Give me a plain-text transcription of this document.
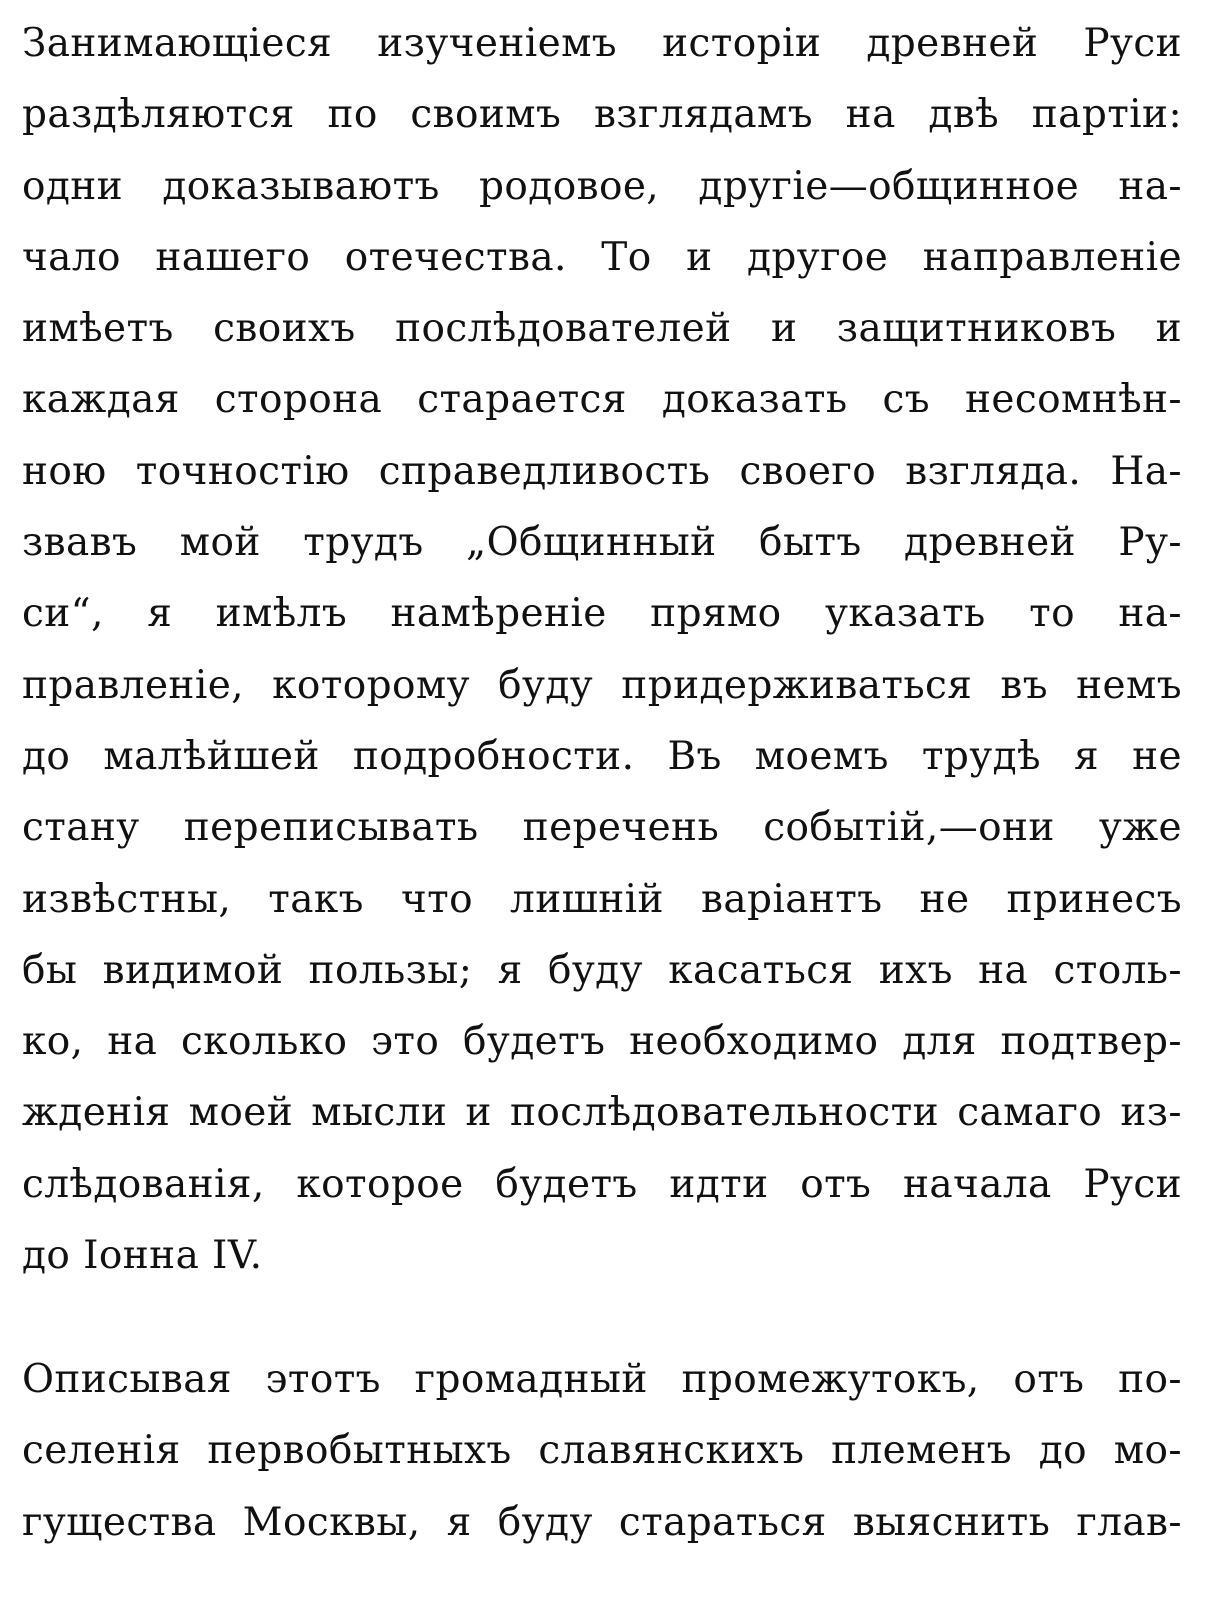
Занимающіеся изученіемъ исторіи древней Руси
раздѣляются по своимъ взглядамъ на двѣ партіи:
одни доказываютъ родовое, другіе—общинное на-
чало нашего отечества. То и другое направленіе
имѣетъ своихъ послѣдователей и защитниковъ и
каждая сторона старается доказать съ несомнѣн-
ною точностію справедливость своего взгляда. На-
звавъ мой трудъ „Общинный бытъ древней Ру-
си“, я имѣлъ намѣреніе прямо указать то на-
правленіе, которому буду придерживаться въ немъ
до малѣйшей подробности. Въ моемъ трудѣ я не
стану переписывать перечень событій,—они уже
извѣстны, такъ что лишній варіантъ не принесъ
бы видимой пользы; я буду касаться ихъ на столь-
ко, на сколько это будетъ необходимо для подтвер-
жденія моей мысли и послѣдовательности самаго из-
слѣдованія, которое будетъ идти отъ начала Руси
до Іонна IV.
Описывая этотъ громадный промежутокъ, отъ по-
селенія первобытныхъ славянскихъ племенъ до мо-
гущества Москвы, я буду стараться выяснить глав-
